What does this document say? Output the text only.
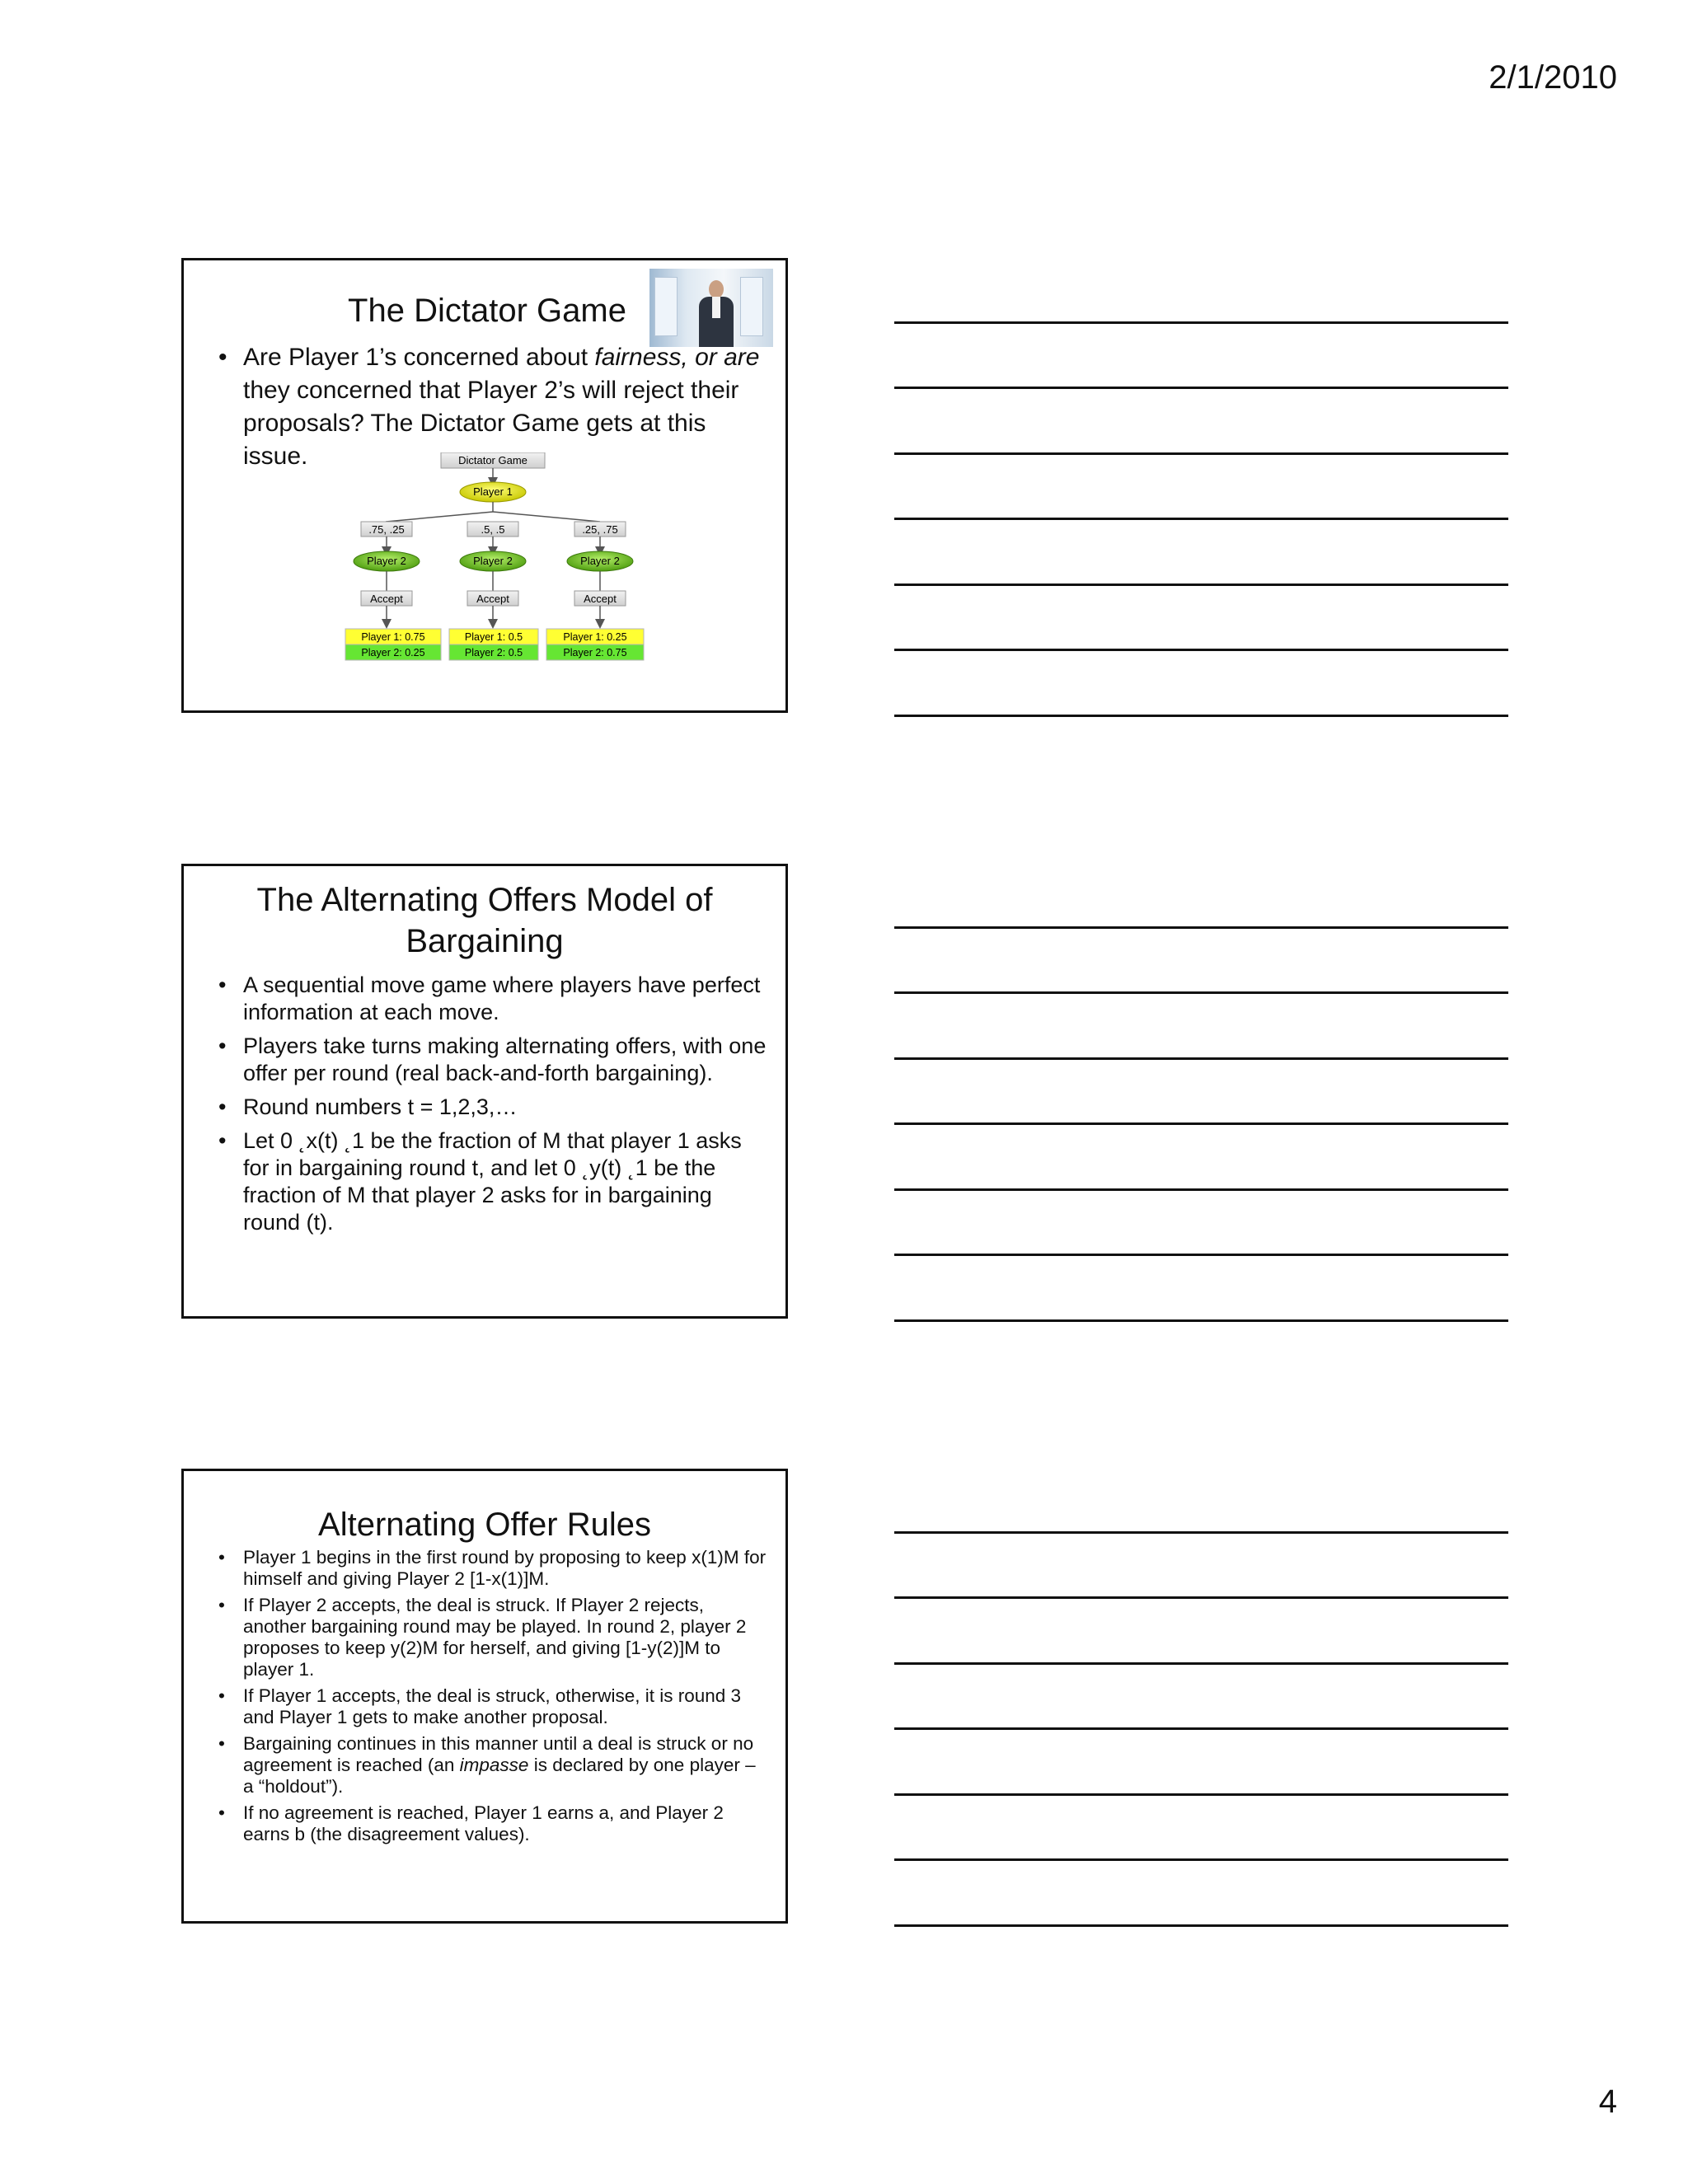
2/1/2010
The Dictator Game
• Are Player 1’s concerned about fairness, or are they concerned that Player 2’s will reject their proposals? The Dictator Game gets at this issue.	Dictator Game
Player 1
.75, .25
Player 2
Accept
Player 1: 0.75
Player 2: 0.25
.5, .5
Player 2
Accept
Player 1: 0.5
Player 2: 0.5
.25, .75
Player 2
Accept
Player 1: 0.25
Player 2: 0.75
The Alternating Offers Model of
Bargaining
• A sequential move game where players have perfect information at each move.
• Players take turns making alternating offers, with one offer per round (real back-and-forth bargaining).
• Round numbers t = 1,2,3,…
• Let 0 ˛x(t) ˛1 be the fraction of M that player 1 asks for in bargaining round t, and let 0 ˛y(t) ˛1 be the fraction of M that player 2 asks for in bargaining round (t).
Alternating Offer Rules
• Player 1 begins in the first round by proposing to keep x(1)M for himself and giving Player 2 [1-x(1)]M.
• If Player 2 accepts, the deal is struck. If Player 2 rejects, another bargaining round may be played. In round 2, player 2 proposes to keep y(2)M for herself, and giving [1-y(2)]M to player 1.
• If Player 1 accepts, the deal is struck, otherwise, it is round 3 and Player 1 gets to make another proposal.
• Bargaining continues in this manner until a deal is struck or no agreement is reached (an impasse is declared by one player – a “holdout”).
• If no agreement is reached, Player 1 earns a, and Player 2 earns b (the disagreement values).
4
